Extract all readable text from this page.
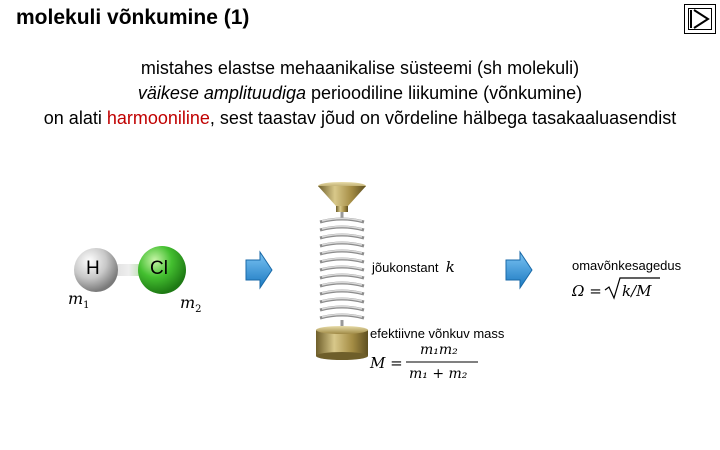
molekuli võnkumine (1)
mistahes elastse mehaanikalise süsteemi (sh molekuli)
väikese amplituudiga perioodiline liikumine (võnkumine)
on alati harmooniline, sest taastav jõud on võrdeline hälbega tasakaaluasendist
H	Cl
$m_1$	$m_2$
jõukonstant k
efektiivne võnkuv mass
M =
m₁m₂
m₁ + m₂
omavõnkesagedus
Ω = k/M
